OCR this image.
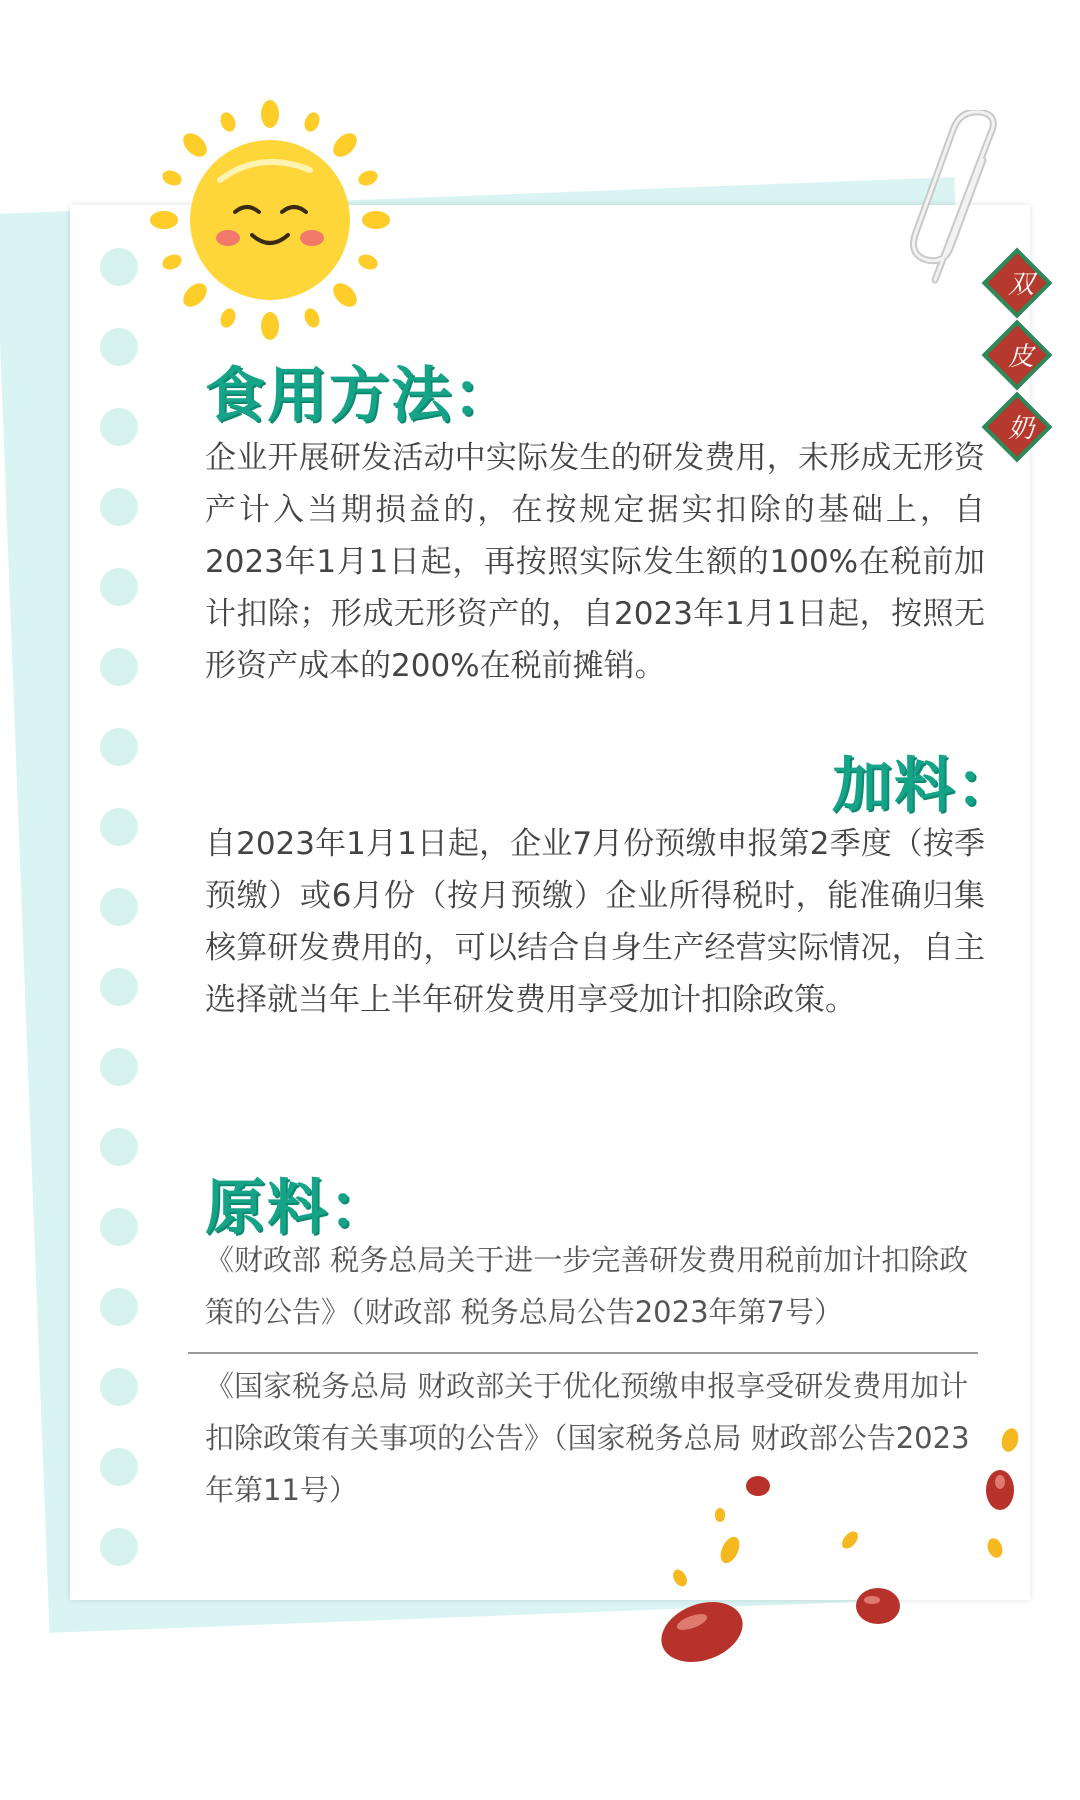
双
皮
奶
食用方法：

企业开展研发活动中实际发生的研发费用，未形成无形资产计入当期损益的，在按规定据实扣除的基础上，自2023年1月1日起，再按照实际发生额的100%在税前加计扣除；形成无形资产的，自2023年1月1日起，按照无形资产成本的200%在税前摊销。

加料：

自2023年1月1日起，企业7月份预缴申报第2季度（按季预缴）或6月份（按月预缴）企业所得税时，能准确归集核算研发费用的，可以结合自身生产经营实际情况，自主选择就当年上半年研发费用享受加计扣除政策。

原料：

《财政部 税务总局关于进一步完善研发费用税前加计扣除政策的公告》（财政部 税务总局公告2023年第7号）

《国家税务总局 财政部关于优化预缴申报享受研发费用加计扣除政策有关事项的公告》（国家税务总局 财政部公告2023年第11号）
